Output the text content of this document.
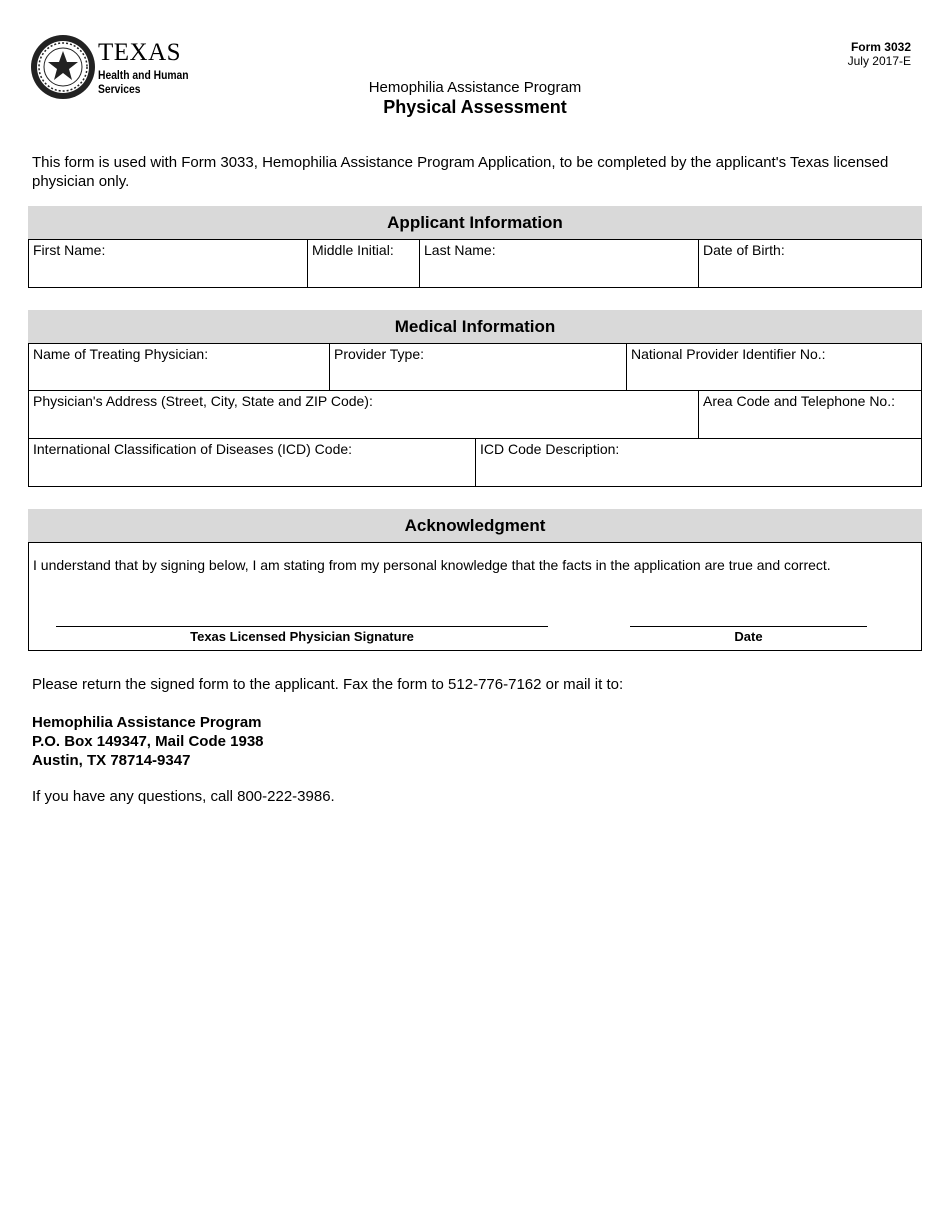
TEXAS
Health and Human
Services
Form 3032
July 2017-E
Hemophilia Assistance Program
Physical Assessment
This form is used with Form 3033, Hemophilia Assistance Program Application, to be completed by the applicant's Texas licensed physician only.
Applicant Information
First Name:	Middle Initial:	Last Name:	Date of Birth:
Medical Information
Name of Treating Physician:	Provider Type:	National Provider Identifier No.:
Physician's Address (Street, City, State and ZIP Code):	Area Code and Telephone No.:
International Classification of Diseases (ICD) Code:	ICD Code Description:
Acknowledgment
I understand that by signing below, I am stating from my personal knowledge that the facts in the application are true and correct.
Texas Licensed Physician Signature	Date
Please return the signed form to the applicant. Fax the form to 512-776-7162 or mail it to:
Hemophilia Assistance Program
P.O. Box 149347, Mail Code 1938
Austin, TX 78714-9347
If you have any questions, call 800-222-3986.
